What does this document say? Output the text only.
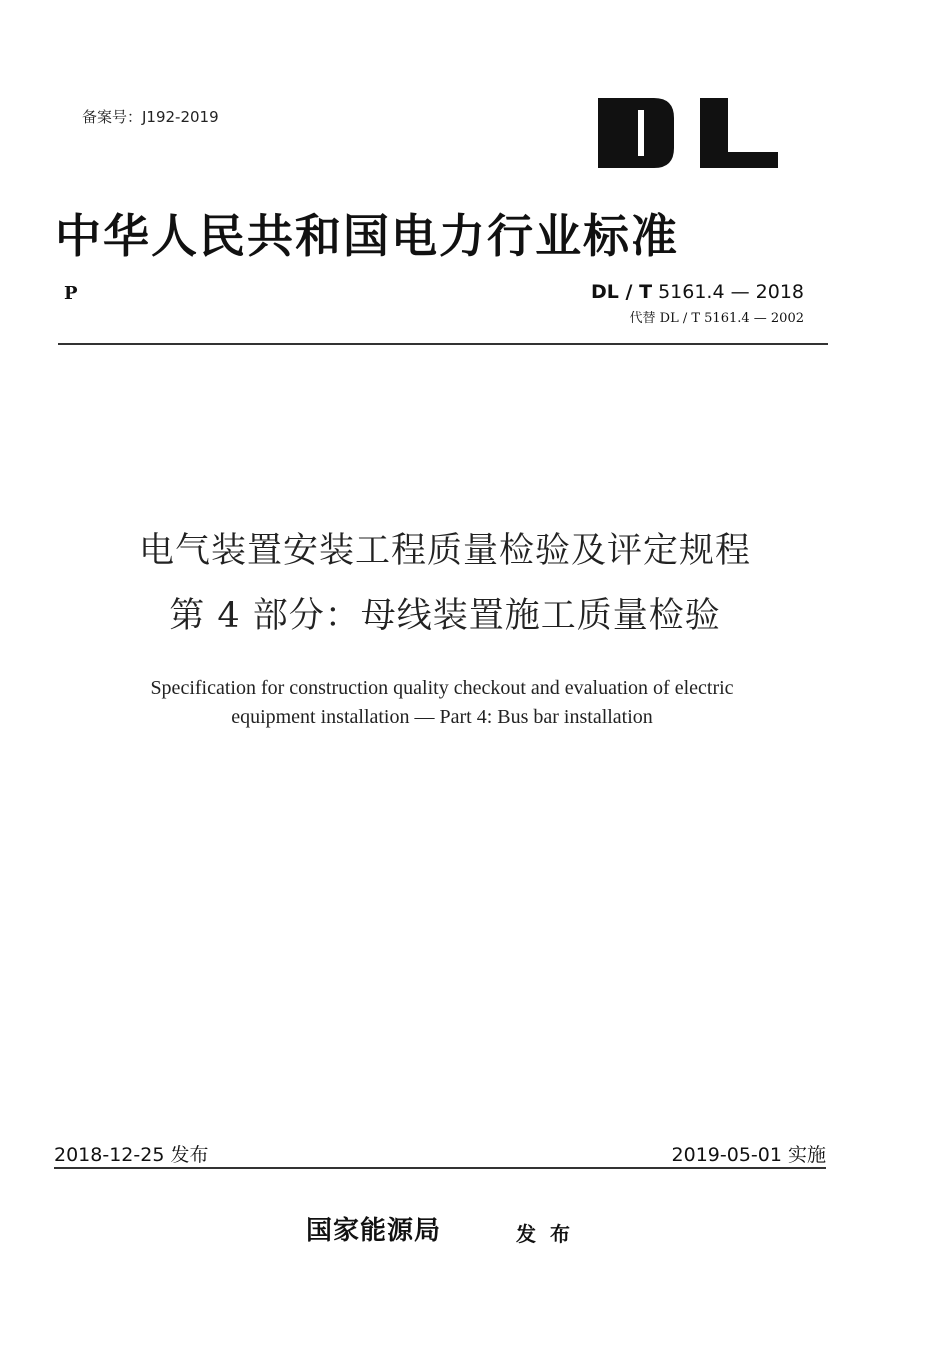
备案号：J192-2019
中华人民共和国电力行业标准
P	DL / T 5161.4 — 2018
代替 DL / T 5161.4 — 2002
电气装置安装工程质量检验及评定规程
第 4 部分：母线装置施工质量检验
Specification for construction quality checkout and evaluation of electric
equipment installation — Part 4: Bus bar installation
2018-12-25 发布	2019-05-01 实施
国家能源局	发布
